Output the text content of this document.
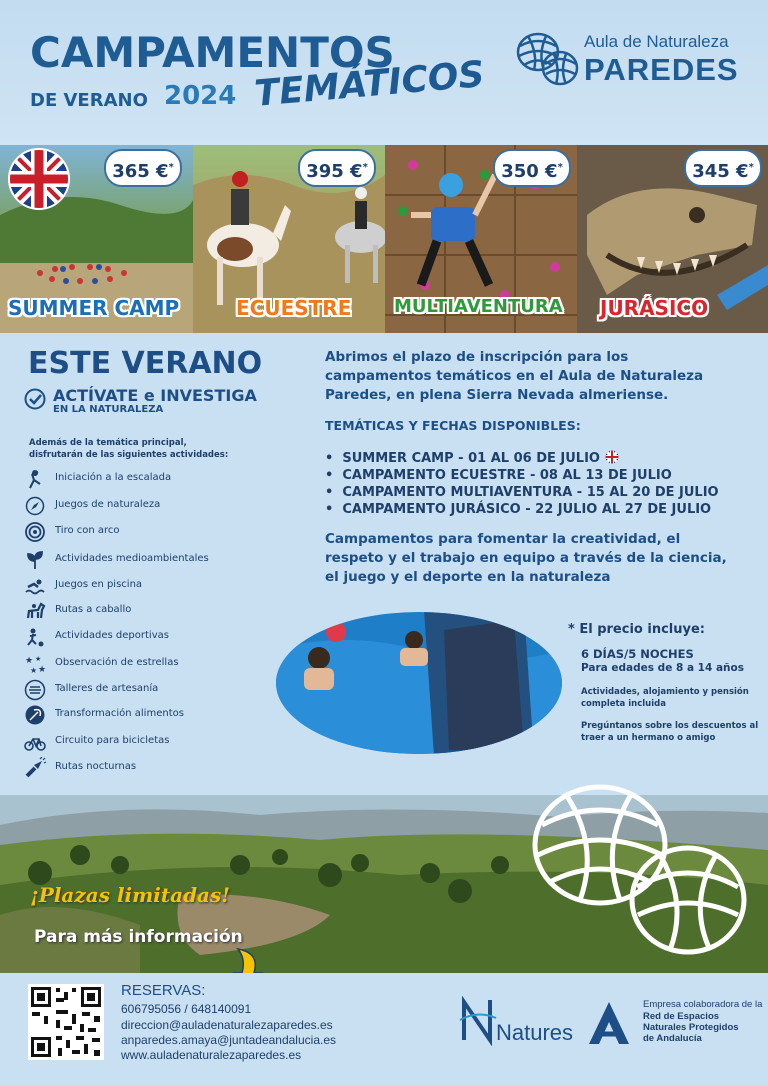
CAMPAMENTOS
DE VERANO 2024 TEMÁTICOS
Aula de Naturaleza
PAREDES
365 €*	395 €*	350 €*	345 €*
SUMMER CAMP	ECUESTRE MULTIAVENTURA JURÁSICO
ESTE VERANO
ACTÍVATE e INVESTIGA
EN LA NATURALEZA
Además de la temática principal, disfrutarán de las siguientes actividades:
Iniciación a la escalada
Juegos de naturaleza
Tiro con arco
Actividades medioambientales
Juegos en piscina
Rutas a caballo
Actividades deportivas
★ ★
★ ★
Observación de estrellas
Talleres de artesanía
Transformación alimentos
Circuito para bicicletas
Rutas nocturnas
Abrimos el plazo de inscripción para los campamentos temáticos en el Aula de Naturaleza Paredes, en plena Sierra Nevada almeriense.
TEMÁTICAS Y FECHAS DISPONIBLES:
•  SUMMER CAMP - 01 AL 06 DE JULIO
•  CAMPAMENTO ECUESTRE - 08 AL 13 DE JULIO
•  CAMPAMENTO MULTIAVENTURA - 15 AL 20 DE JULIO
•  CAMPAMENTO JURÁSICO - 22 JULIO AL 27 DE JULIO
Campamentos para fomentar la creatividad, el respeto y el trabajo en equipo a través de la ciencia, el juego y el deporte en la naturaleza
* El precio incluye:
6 DÍAS/5 NOCHES
Para edades de 8 a 14 años
Actividades, alojamiento y pensión completa incluida
Pregúntanos sobre los descuentos al traer a un hermano o amigo
¡Plazas limitadas!
Para más información
RESERVAS:
606795056 / 648140091
direccion@auladenaturalezaparedes.es
anparedes.amaya@juntadeandalucia.es
www.auladenaturalezaparedes.es
Natures
Empresa colaboradora de la
Red de Espacios
Naturales Protegidos
de Andalucía
